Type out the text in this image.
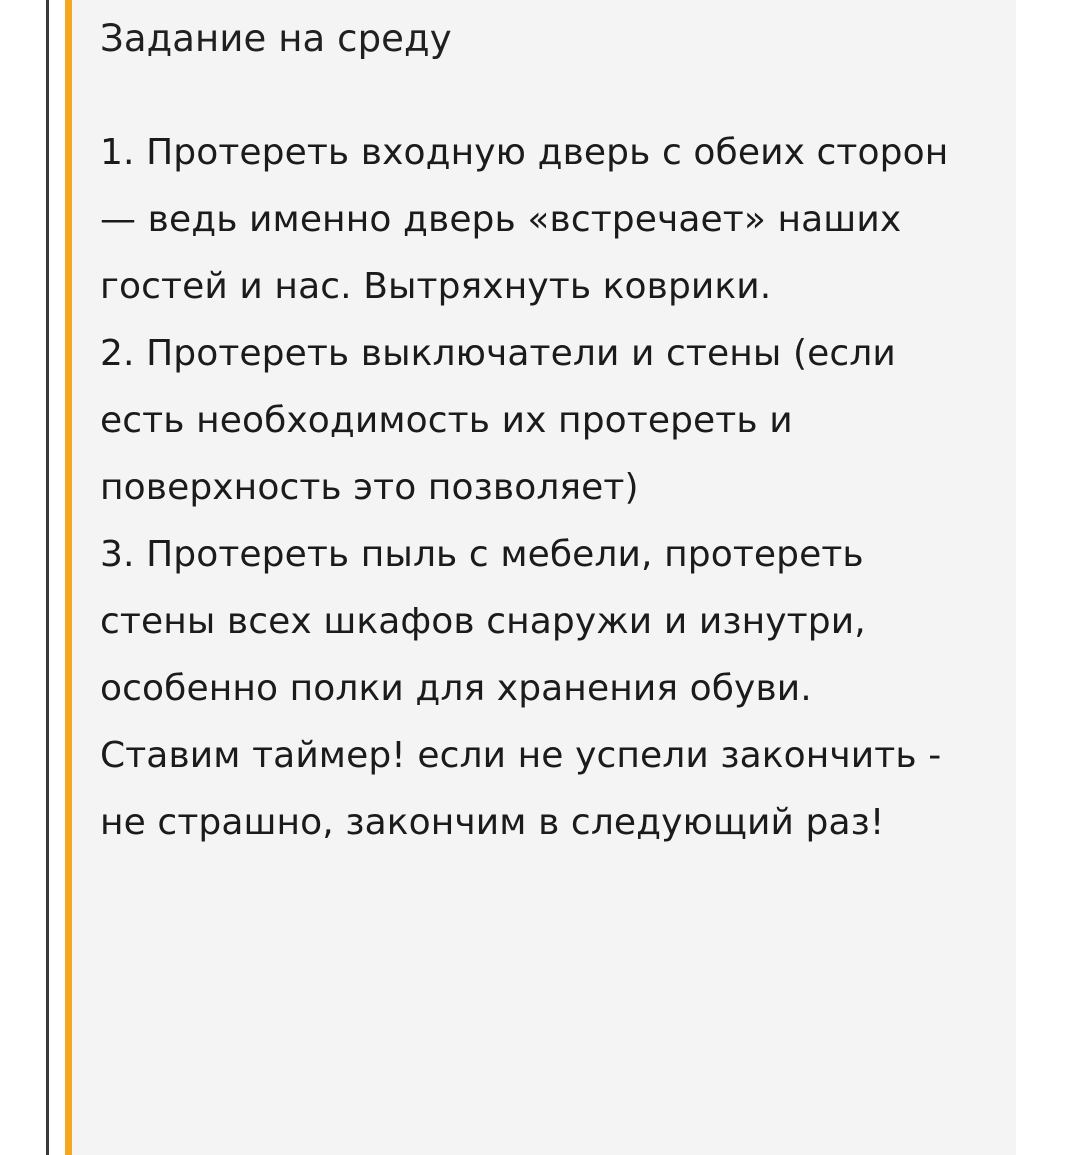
Задание на среду

1. Протереть входную дверь с обеих сторон — ведь именно дверь «встречает» наших гостей и нас. Вытряхнуть коврики.

2. Протереть выключатели и стены (если есть необходимость их протереть и поверхность это позволяет)

3. Протереть пыль с мебели, протереть стены всех шкафов снаружи и изнутри, особенно полки для хранения обуви.

Ставим таймер! если не успели закончить - не страшно, закончим в следующий раз!
